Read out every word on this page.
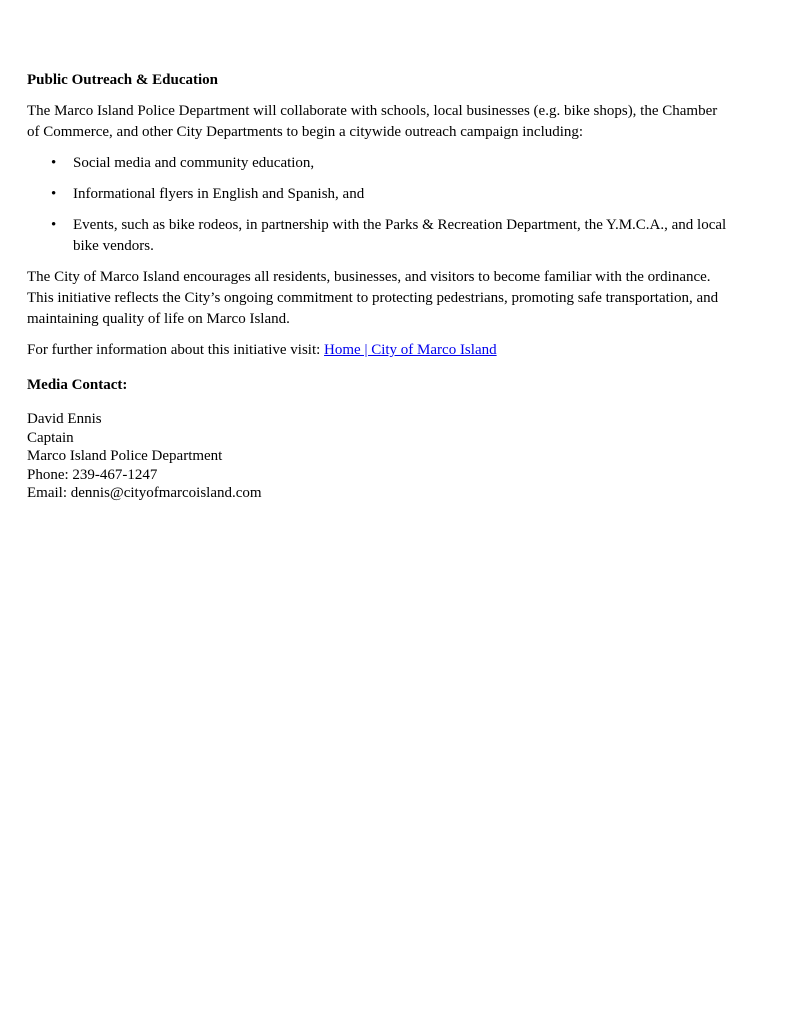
Public Outreach & Education

The Marco Island Police Department will collaborate with schools, local businesses (e.g. bike shops), the Chamber of Commerce, and other City Departments to begin a citywide outreach campaign including:

• Social media and community education,
• Informational flyers in English and Spanish, and
• Events, such as bike rodeos, in partnership with the Parks & Recreation Department, the Y.M.C.A., and local bike vendors.

The City of Marco Island encourages all residents, businesses, and visitors to become familiar with the ordinance. This initiative reflects the City’s ongoing commitment to protecting pedestrians, promoting safe transportation, and maintaining quality of life on Marco Island.

For further information about this initiative visit: Home | City of Marco Island

Media Contact:
David Ennis
Captain
Marco Island Police Department
Phone: 239-467-1247
Email: dennis@cityofmarcoisland.com
